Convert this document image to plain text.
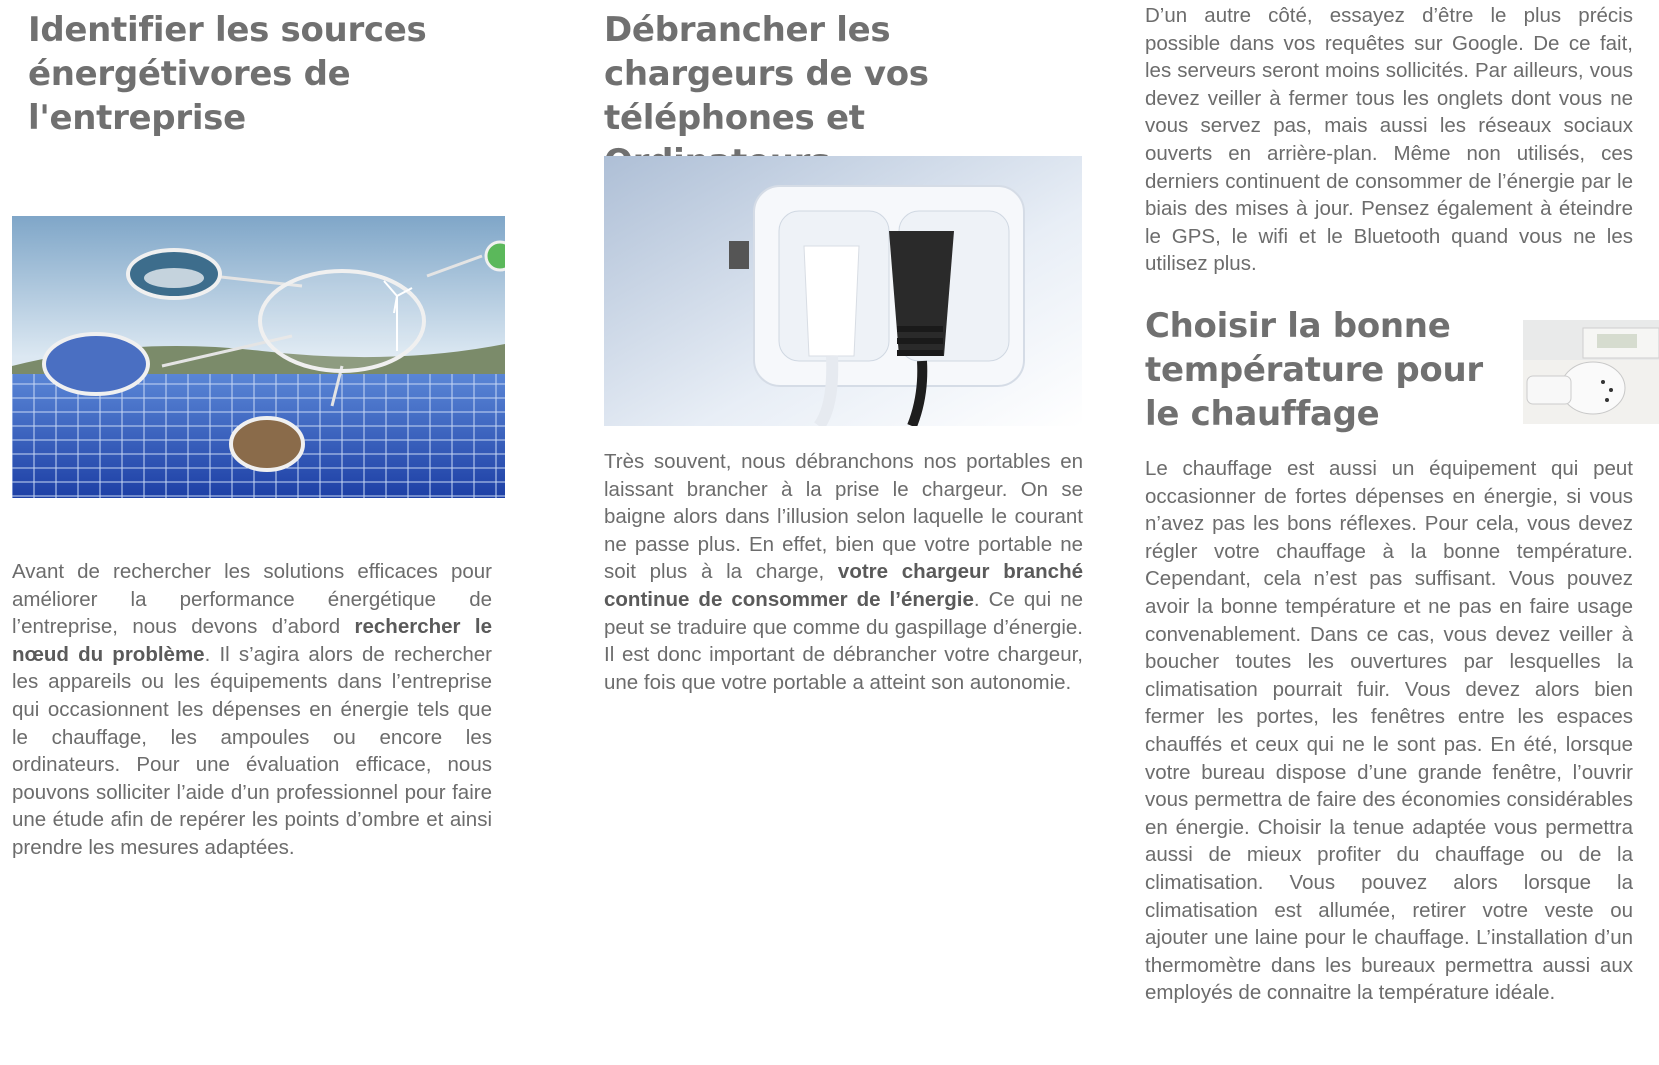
Identifier les sources énergétivores de l'entreprise

Avant de rechercher les solutions efficaces pour améliorer la performance énergétique de l’entreprise, nous devons d’abord rechercher le nœud du problème. Il s’agira alors de rechercher les appareils ou les équipements dans l’entreprise qui occasionnent les dépenses en énergie tels que le chauffage, les ampoules ou encore les ordinateurs. Pour une évaluation efficace, nous pouvons solliciter l’aide d’un professionnel pour faire une étude afin de repérer les points d’ombre et ainsi prendre les mesures adaptées.

Débrancher les chargeurs de vos téléphones et

Très souvent, nous débranchons nos portables en laissant brancher à la prise le chargeur. On se baigne alors dans l’illusion selon laquelle le courant ne passe plus. En effet, bien que votre portable ne soit plus à la charge, votre chargeur branché continue de consommer de l’énergie. Ce qui ne peut se traduire que comme du gaspillage d’énergie. Il est donc important de débrancher votre chargeur, une fois que votre portable a atteint son autonomie.

D’un autre côté, essayez d’être le plus précis possible dans vos requêtes sur Google. De ce fait, les serveurs seront moins sollicités. Par ailleurs, vous devez veiller à fermer tous les onglets dont vous ne vous servez pas, mais aussi les réseaux sociaux ouverts en arrière-plan. Même non utilisés, ces derniers continuent de consommer de l’énergie par le biais des mises à jour. Pensez également à éteindre le GPS, le wifi et le Bluetooth quand vous ne les utilisez plus.

Choisir la bonne température pour le chauffage

Le chauffage est aussi un équipement qui peut occasionner de fortes dépenses en énergie, si vous n’avez pas les bons réflexes. Pour cela, vous devez régler votre chauffage à la bonne température. Cependant, cela n’est pas suffisant. Vous pouvez avoir la bonne température et ne pas en faire usage convenablement. Dans ce cas, vous devez veiller à boucher toutes les ouvertures par lesquelles la climatisation pourrait fuir. Vous devez alors bien fermer les portes, les fenêtres entre les espaces chauffés et ceux qui ne le sont pas. En été, lorsque votre bureau dispose d’une grande fenêtre, l’ouvrir vous permettra de faire des économies considérables en énergie. Choisir la tenue adaptée vous permettra aussi de mieux profiter du chauffage ou de la climatisation. Vous pouvez alors lorsque la climatisation est allumée, retirer votre veste ou ajouter une laine pour le chauffage. L’installation d’un thermomètre dans les bureaux permettra aussi aux employés de connaitre la température idéale.
